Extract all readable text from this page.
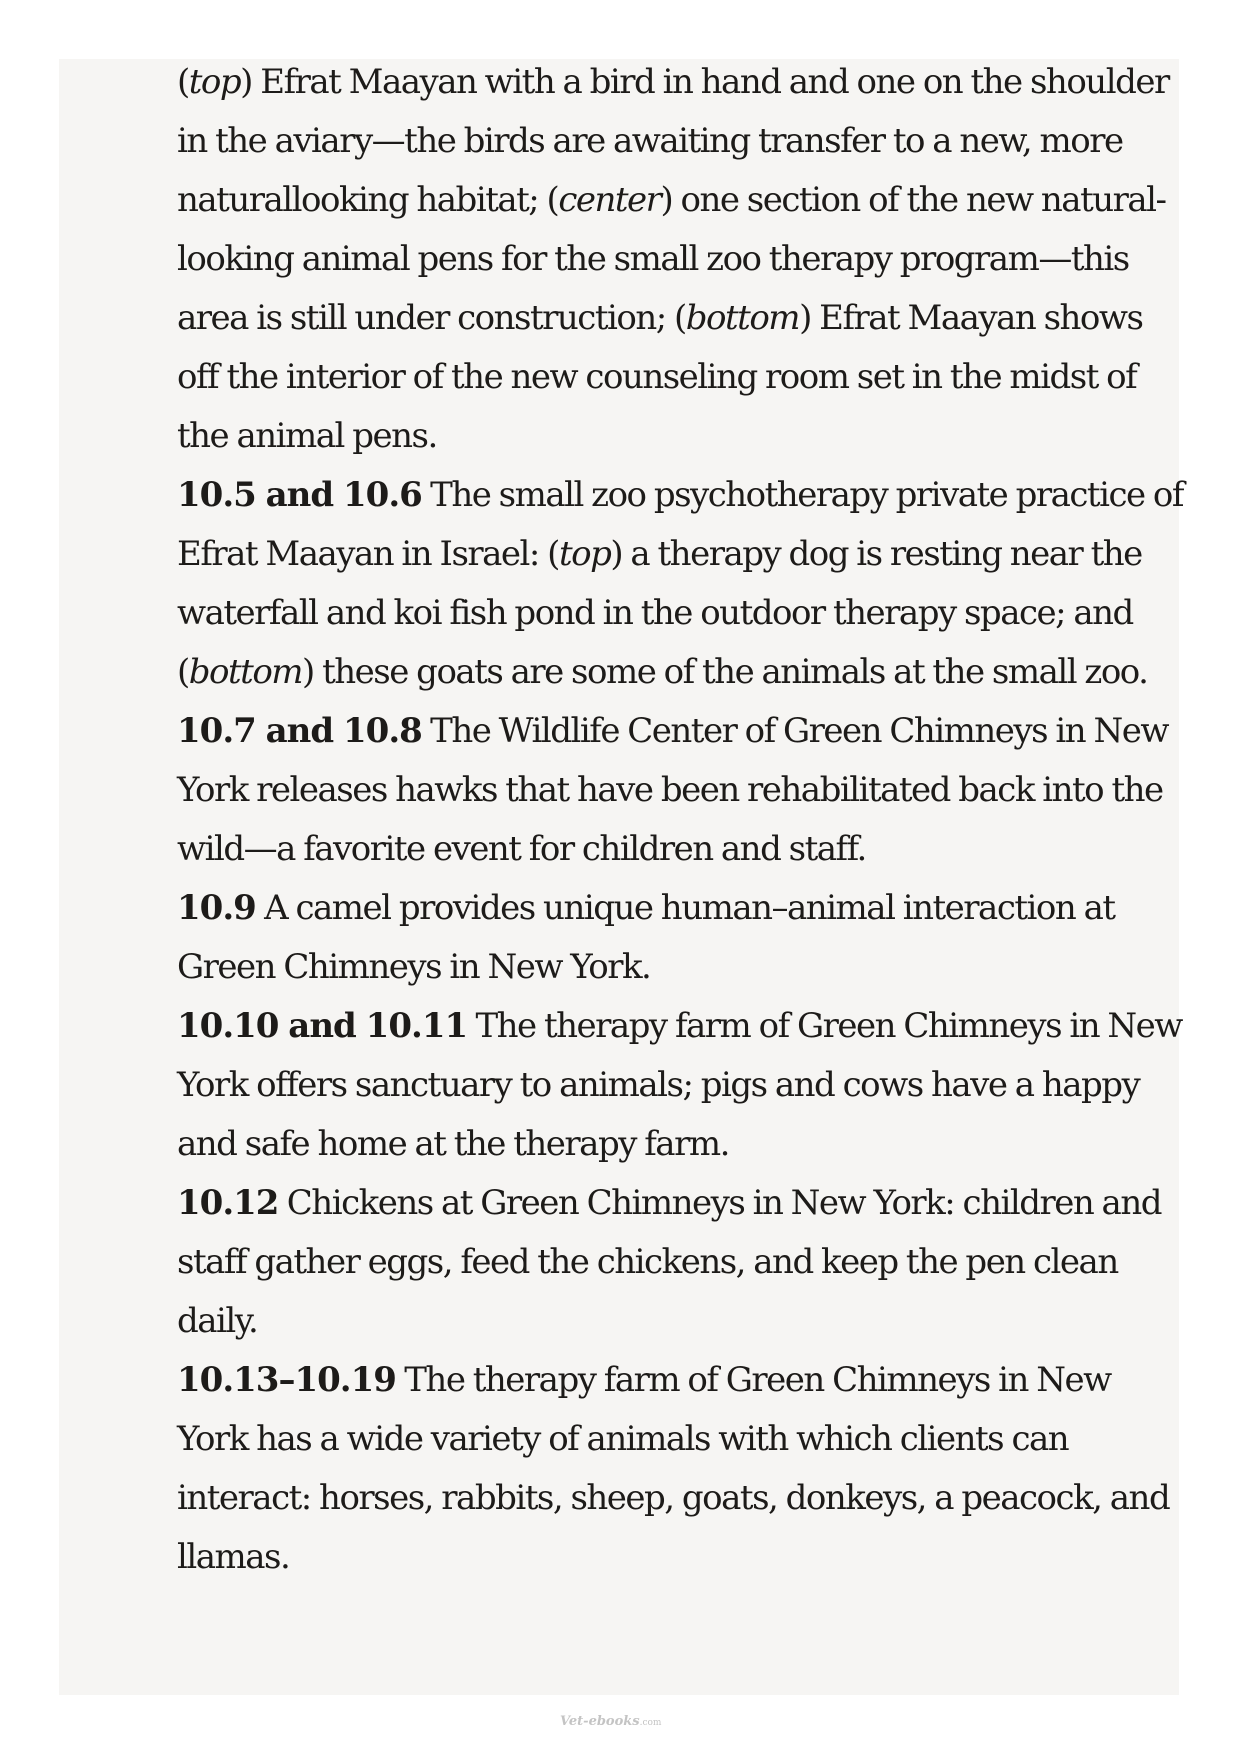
(top) Efrat Maayan with a bird in hand and one on the shoulder in the aviary—the birds are awaiting transfer to a new, more naturallooking habitat; (center) one section of the new natural-looking animal pens for the small zoo therapy program—this area is still under construction; (bottom) Efrat Maayan shows off the interior of the new counseling room set in the midst of the animal pens.

10.5 and 10.6 The small zoo psychotherapy private practice of Efrat Maayan in Israel: (top) a therapy dog is resting near the waterfall and koi fish pond in the outdoor therapy space; and (bottom) these goats are some of the animals at the small zoo.

10.7 and 10.8 The Wildlife Center of Green Chimneys in New York releases hawks that have been rehabilitated back into the wild—a favorite event for children and staff.

10.9 A camel provides unique human–animal interaction at Green Chimneys in New York.

10.10 and 10.11 The therapy farm of Green Chimneys in New York offers sanctuary to animals; pigs and cows have a happy and safe home at the therapy farm.

10.12 Chickens at Green Chimneys in New York: children and staff gather eggs, feed the chickens, and keep the pen clean daily.

10.13–10.19 The therapy farm of Green Chimneys in New York has a wide variety of animals with which clients can interact: horses, rabbits, sheep, goats, donkeys, a peacock, and llamas.

Vet-ebooks.com
